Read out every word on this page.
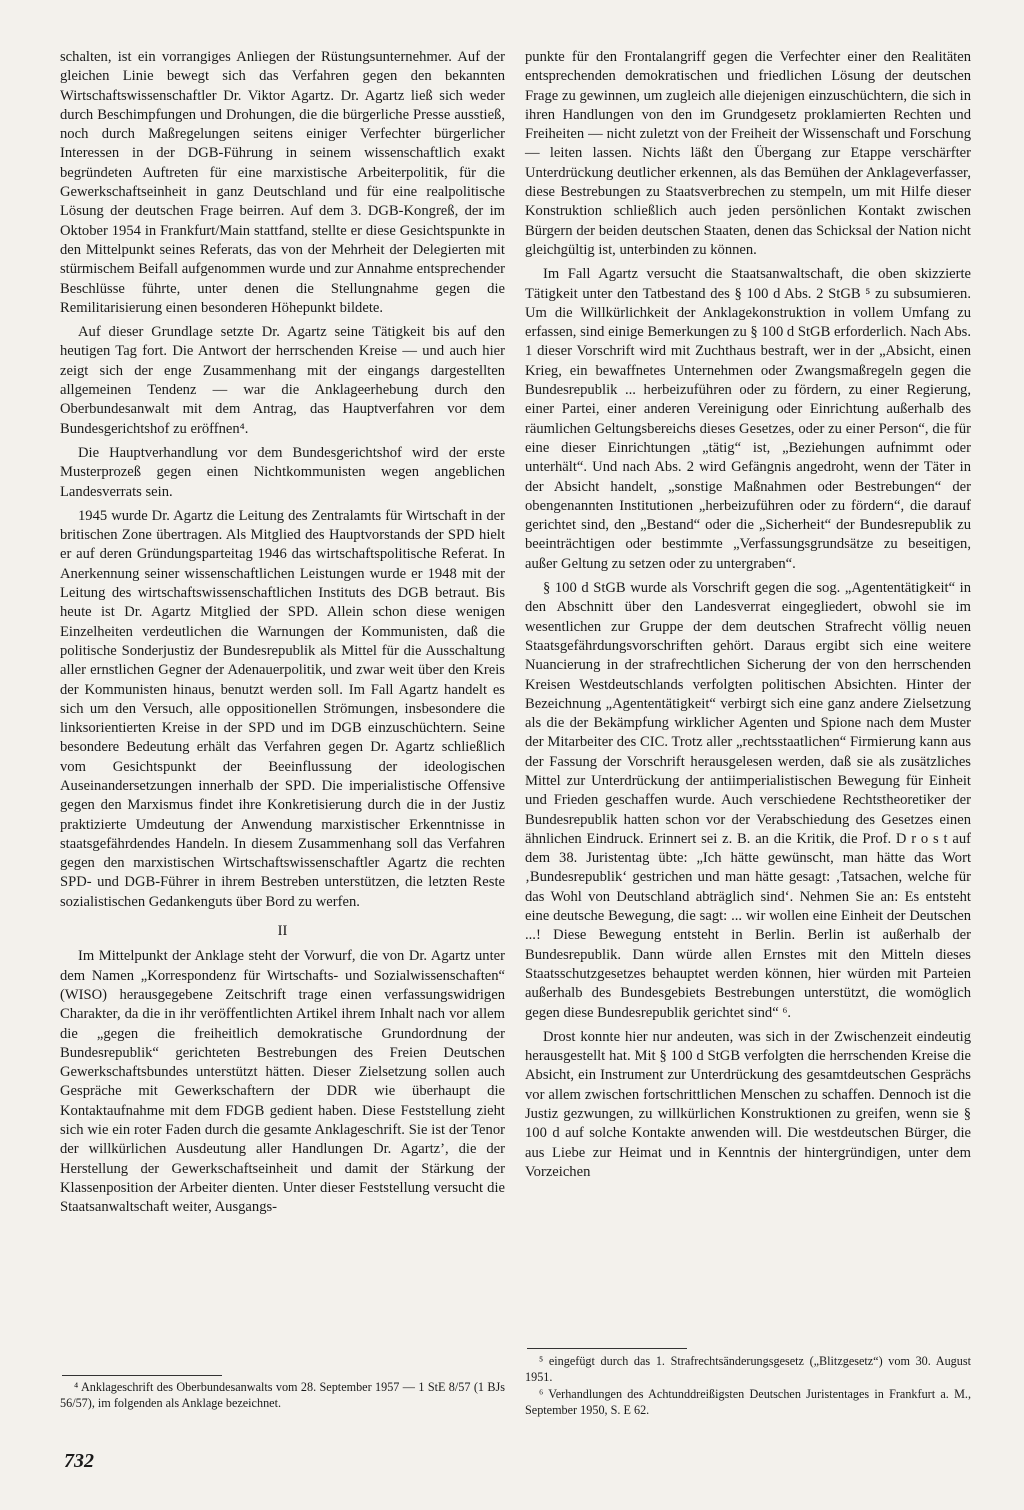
schalten, ist ein vorrangiges Anliegen der Rüstungsunternehmer. Auf der gleichen Linie bewegt sich das Verfahren gegen den bekannten Wirtschaftswissenschaftler Dr. Viktor Agartz. Dr. Agartz ließ sich weder durch Beschimpfungen und Drohungen, die die bürgerliche Presse ausstieß, noch durch Maßregelungen seitens einiger Verfechter bürgerlicher Interessen in der DGB-Führung in seinem wissenschaftlich exakt begründeten Auftreten für eine marxistische Arbeiterpolitik, für die Gewerkschaftseinheit in ganz Deutschland und für eine realpolitische Lösung der deutschen Frage beirren. Auf dem 3. DGB-Kongreß, der im Oktober 1954 in Frankfurt/Main stattfand, stellte er diese Gesichtspunkte in den Mittelpunkt seines Referats, das von der Mehrheit der Delegierten mit stürmischem Beifall aufgenommen wurde und zur Annahme entsprechender Beschlüsse führte, unter denen die Stellungnahme gegen die Remilitarisierung einen besonderen Höhepunkt bildete.

Auf dieser Grundlage setzte Dr. Agartz seine Tätigkeit bis auf den heutigen Tag fort. Die Antwort der herrschenden Kreise — und auch hier zeigt sich der enge Zusammenhang mit der eingangs dargestellten allgemeinen Tendenz — war die Anklageerhebung durch den Oberbundesanwalt mit dem Antrag, das Hauptverfahren vor dem Bundesgerichtshof zu eröffnen⁴.

Die Hauptverhandlung vor dem Bundesgerichtshof wird der erste Musterprozeß gegen einen Nichtkommunisten wegen angeblichen Landesverrats sein.

1945 wurde Dr. Agartz die Leitung des Zentralamts für Wirtschaft in der britischen Zone übertragen. Als Mitglied des Hauptvorstands der SPD hielt er auf deren Gründungsparteitag 1946 das wirtschaftspolitische Referat. In Anerkennung seiner wissenschaftlichen Leistungen wurde er 1948 mit der Leitung des wirtschaftswissenschaftlichen Instituts des DGB betraut. Bis heute ist Dr. Agartz Mitglied der SPD. Allein schon diese wenigen Einzelheiten verdeutlichen die Warnungen der Kommunisten, daß die politische Sonderjustiz der Bundesrepublik als Mittel für die Ausschaltung aller ernstlichen Gegner der Adenauerpolitik, und zwar weit über den Kreis der Kommunisten hinaus, benutzt werden soll. Im Fall Agartz handelt es sich um den Versuch, alle oppositionellen Strömungen, insbesondere die linksorientierten Kreise in der SPD und im DGB einzuschüchtern. Seine besondere Bedeutung erhält das Verfahren gegen Dr. Agartz schließlich vom Gesichtspunkt der Beeinflussung der ideologischen Auseinandersetzungen innerhalb der SPD. Die imperialistische Offensive gegen den Marxismus findet ihre Konkretisierung durch die in der Justiz praktizierte Umdeutung der Anwendung marxistischer Erkenntnisse in staatsgefährdendes Handeln. In diesem Zusammenhang soll das Verfahren gegen den marxistischen Wirtschaftswissenschaftler Agartz die rechten SPD- und DGB-Führer in ihrem Bestreben unterstützen, die letzten Reste sozialistischen Gedankenguts über Bord zu werfen.

II

Im Mittelpunkt der Anklage steht der Vorwurf, die von Dr. Agartz unter dem Namen „Korrespondenz für Wirtschafts- und Sozialwissenschaften“ (WISO) herausgegebene Zeitschrift trage einen verfassungswidrigen Charakter, da die in ihr veröffentlichten Artikel ihrem Inhalt nach vor allem die „gegen die freiheitlich demokratische Grundordnung der Bundesrepublik“ gerichteten Bestrebungen des Freien Deutschen Gewerkschaftsbundes unterstützt hätten. Dieser Zielsetzung sollen auch Gespräche mit Gewerkschaftern der DDR wie überhaupt die Kontaktaufnahme mit dem FDGB gedient haben. Diese Feststellung zieht sich wie ein roter Faden durch die gesamte Anklageschrift. Sie ist der Tenor der willkürlichen Ausdeutung aller Handlungen Dr. Agartz’, die der Herstellung der Gewerkschaftseinheit und damit der Stärkung der Klassenposition der Arbeiter dienten. Unter dieser Feststellung versucht die Staatsanwaltschaft weiter, Ausgangs-

punkte für den Frontalangriff gegen die Verfechter einer den Realitäten entsprechenden demokratischen und friedlichen Lösung der deutschen Frage zu gewinnen, um zugleich alle diejenigen einzuschüchtern, die sich in ihren Handlungen von den im Grundgesetz proklamierten Rechten und Freiheiten — nicht zuletzt von der Freiheit der Wissenschaft und Forschung — leiten lassen. Nichts läßt den Übergang zur Etappe verschärfter Unterdrückung deutlicher erkennen, als das Bemühen der Anklageverfasser, diese Bestrebungen zu Staatsverbrechen zu stempeln, um mit Hilfe dieser Konstruktion schließlich auch jeden persönlichen Kontakt zwischen Bürgern der beiden deutschen Staaten, denen das Schicksal der Nation nicht gleichgültig ist, unterbinden zu können.

Im Fall Agartz versucht die Staatsanwaltschaft, die oben skizzierte Tätigkeit unter den Tatbestand des § 100 d Abs. 2 StGB ⁵ zu subsumieren. Um die Willkürlichkeit der Anklagekonstruktion in vollem Umfang zu erfassen, sind einige Bemerkungen zu § 100 d StGB erforderlich. Nach Abs. 1 dieser Vorschrift wird mit Zuchthaus bestraft, wer in der „Absicht, einen Krieg, ein bewaffnetes Unternehmen oder Zwangsmaßregeln gegen die Bundesrepublik ... herbeizuführen oder zu fördern, zu einer Regierung, einer Partei, einer anderen Vereinigung oder Einrichtung außerhalb des räumlichen Geltungsbereichs dieses Gesetzes, oder zu einer Person“, die für eine dieser Einrichtungen „tätig“ ist, „Beziehungen aufnimmt oder unterhält“. Und nach Abs. 2 wird Gefängnis angedroht, wenn der Täter in der Absicht handelt, „sonstige Maßnahmen oder Bestrebungen“ der obengenannten Institutionen „herbeizuführen oder zu fördern“, die darauf gerichtet sind, den „Bestand“ oder die „Sicherheit“ der Bundesrepublik zu beeinträchtigen oder bestimmte „Verfassungsgrundsätze zu beseitigen, außer Geltung zu setzen oder zu untergraben“.

§ 100 d StGB wurde als Vorschrift gegen die sog. „Agententätigkeit“ in den Abschnitt über den Landesverrat eingegliedert, obwohl sie im wesentlichen zur Gruppe der dem deutschen Strafrecht völlig neuen Staatsgefährdungsvorschriften gehört. Daraus ergibt sich eine weitere Nuancierung in der strafrechtlichen Sicherung der von den herrschenden Kreisen Westdeutschlands verfolgten politischen Absichten. Hinter der Bezeichnung „Agententätigkeit“ verbirgt sich eine ganz andere Zielsetzung als die der Bekämpfung wirklicher Agenten und Spione nach dem Muster der Mitarbeiter des CIC. Trotz aller „rechtsstaatlichen“ Firmierung kann aus der Fassung der Vorschrift herausgelesen werden, daß sie als zusätzliches Mittel zur Unterdrückung der antiimperialistischen Bewegung für Einheit und Frieden geschaffen wurde. Auch verschiedene Rechtstheoretiker der Bundesrepublik hatten schon vor der Verabschiedung des Gesetzes einen ähnlichen Eindruck. Erinnert sei z. B. an die Kritik, die Prof. D r o s t auf dem 38. Juristentag übte: „Ich hätte gewünscht, man hätte das Wort ‚Bundesrepublik‘ gestrichen und man hätte gesagt: ‚Tatsachen, welche für das Wohl von Deutschland abträglich sind‘. Nehmen Sie an: Es entsteht eine deutsche Bewegung, die sagt: ... wir wollen eine Einheit der Deutschen ...! Diese Bewegung entsteht in Berlin. Berlin ist außerhalb der Bundesrepublik. Dann würde allen Ernstes mit den Mitteln dieses Staatsschutzgesetzes behauptet werden können, hier würden mit Parteien außerhalb des Bundesgebiets Bestrebungen unterstützt, die womöglich gegen diese Bundesrepublik gerichtet sind“ ⁶.

Drost konnte hier nur andeuten, was sich in der Zwischenzeit eindeutig herausgestellt hat. Mit § 100 d StGB verfolgten die herrschenden Kreise die Absicht, ein Instrument zur Unterdrückung des gesamtdeutschen Gesprächs vor allem zwischen fortschrittlichen Menschen zu schaffen. Dennoch ist die Justiz gezwungen, zu willkürlichen Konstruktionen zu greifen, wenn sie § 100 d auf solche Kontakte anwenden will. Die westdeutschen Bürger, die aus Liebe zur Heimat und in Kenntnis der hintergründigen, unter dem Vorzeichen

⁴ Anklageschrift des Oberbundesanwalts vom 28. September 1957 — 1 StE 8/57 (1 BJs 56/57), im folgenden als Anklage bezeichnet.

⁵ eingefügt durch das 1. Strafrechtsänderungsgesetz („Blitzgesetz“) vom 30. August 1951.

⁶ Verhandlungen des Achtunddreißigsten Deutschen Juristentages in Frankfurt a. M., September 1950, S. E 62.

732
